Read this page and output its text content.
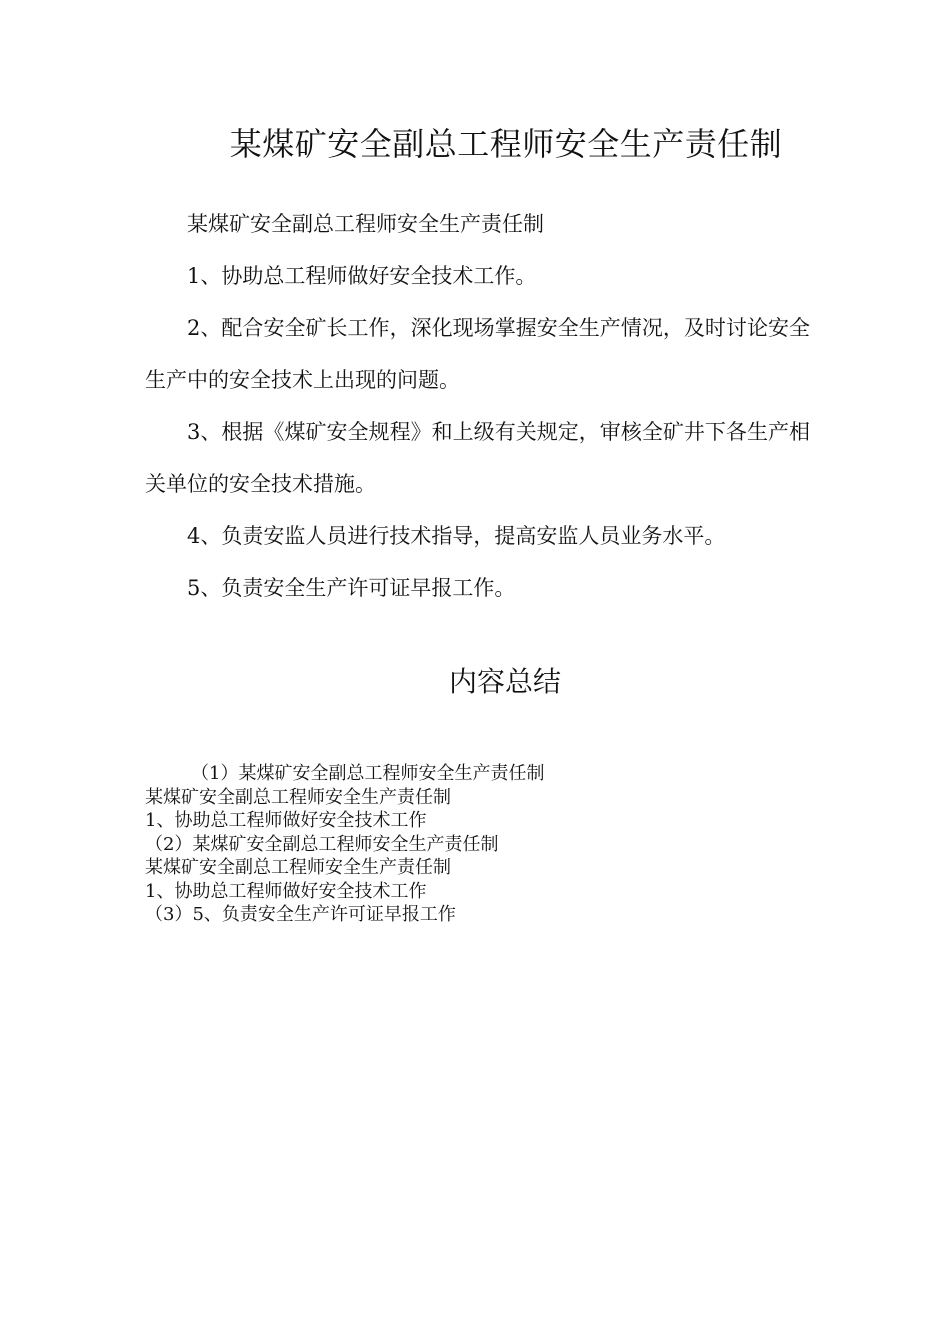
某煤矿安全副总工程师安全生产责任制

某煤矿安全副总工程师安全生产责任制

1、协助总工程师做好安全技术工作。

2、配合安全矿长工作，深化现场掌握安全生产情况，及时讨论安全生产中的安全技术上出现的问题。

3、根据《煤矿安全规程》和上级有关规定，审核全矿井下各生产相关单位的安全技术措施。

4、负责安监人员进行技术指导，提高安监人员业务水平。

5、负责安全生产许可证早报工作。

内容总结

（1）某煤矿安全副总工程师安全生产责任制

某煤矿安全副总工程师安全生产责任制

1、协助总工程师做好安全技术工作

（2）某煤矿安全副总工程师安全生产责任制

某煤矿安全副总工程师安全生产责任制

1、协助总工程师做好安全技术工作

（3）5、负责安全生产许可证早报工作
